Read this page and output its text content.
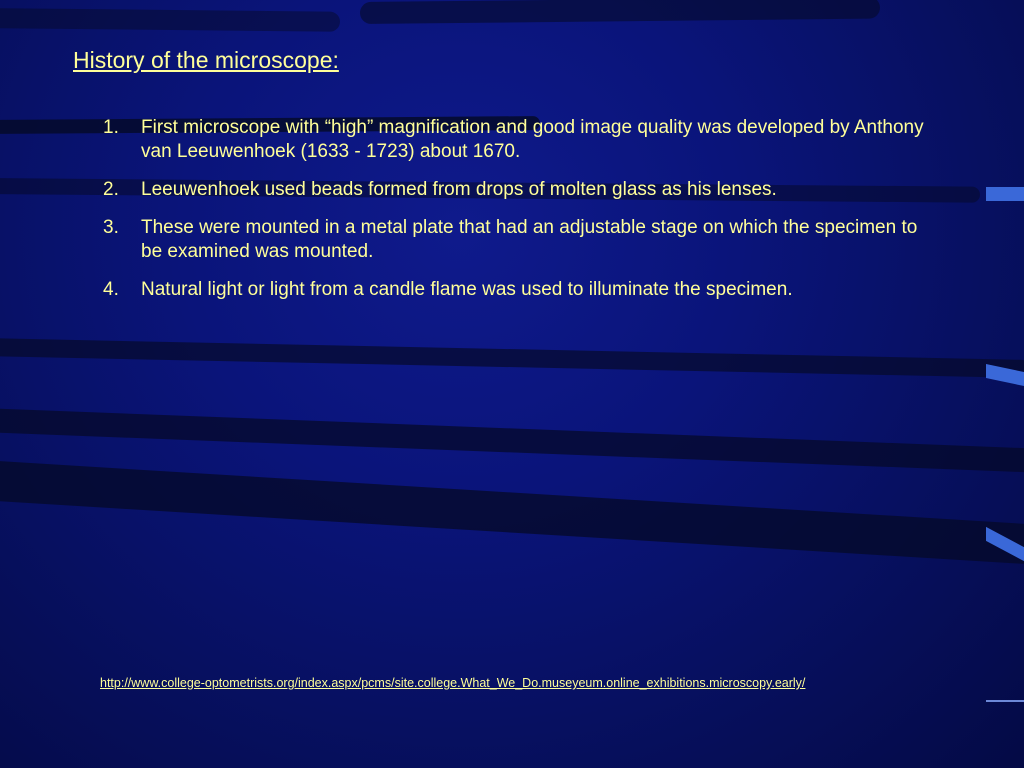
History of the microscope:
1.	First microscope with “high” magnification and good image quality was developed by Anthony van Leeuwenhoek (1633 - 1723) about 1670.
2.	Leeuwenhoek used beads formed from drops of molten glass as his lenses.
3.	These were mounted in a metal plate that had an adjustable stage on which the specimen to be examined was mounted.
4.	Natural light or light from a candle flame was used to illuminate the specimen.
http://www.college-optometrists.org/index.aspx/pcms/site.college.What_We_Do.museyeum.online_exhibitions.microscopy.early/
